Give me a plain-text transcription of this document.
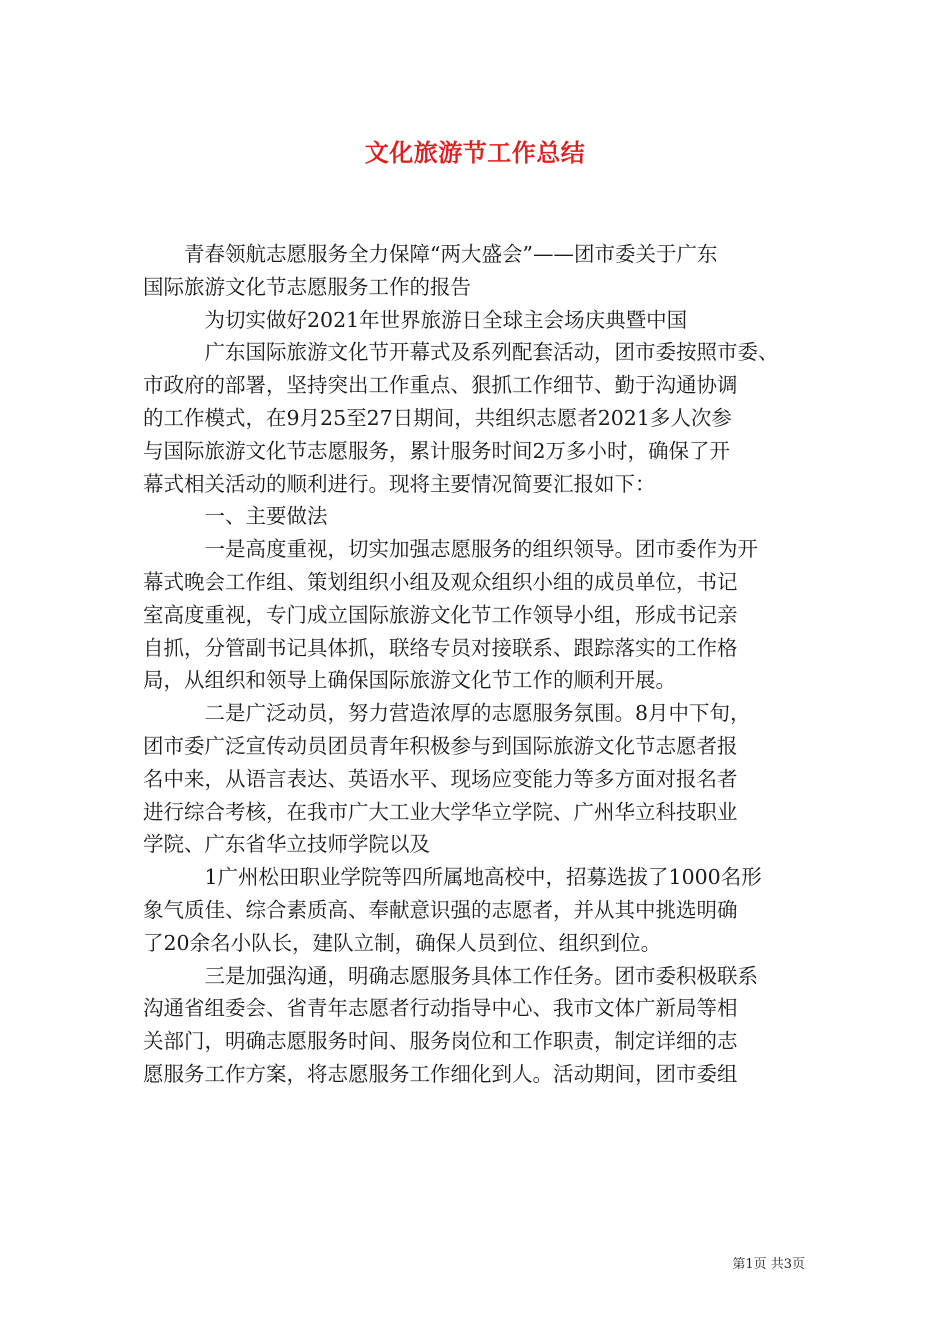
文化旅游节工作总结

青春领航志愿服务全力保障“两大盛会”——团市委关于广东
国际旅游文化节志愿服务工作的报告

为切实做好2021年世界旅游日全球主会场庆典暨中国

广东国际旅游文化节开幕式及系列配套活动，团市委按照市委、
市政府的部署，坚持突出工作重点、狠抓工作细节、勤于沟通协调
的工作模式，在9月25至27日期间，共组织志愿者2021多人次参
与国际旅游文化节志愿服务，累计服务时间2万多小时，确保了开
幕式相关活动的顺利进行。现将主要情况简要汇报如下：

一、主要做法

一是高度重视，切实加强志愿服务的组织领导。团市委作为开
幕式晚会工作组、策划组织小组及观众组织小组的成员单位，书记
室高度重视，专门成立国际旅游文化节工作领导小组，形成书记亲
自抓，分管副书记具体抓，联络专员对接联系、跟踪落实的工作格
局，从组织和领导上确保国际旅游文化节工作的顺利开展。

二是广泛动员，努力营造浓厚的志愿服务氛围。8月中下旬，
团市委广泛宣传动员团员青年积极参与到国际旅游文化节志愿者报
名中来，从语言表达、英语水平、现场应变能力等多方面对报名者
进行综合考核，在我市广大工业大学华立学院、广州华立科技职业
学院、广东省华立技师学院以及

1广州松田职业学院等四所属地高校中，招募选拔了1000名形
象气质佳、综合素质高、奉献意识强的志愿者，并从其中挑选明确
了20余名小队长，建队立制，确保人员到位、组织到位。

三是加强沟通，明确志愿服务具体工作任务。团市委积极联系
沟通省组委会、省青年志愿者行动指导中心、我市文体广新局等相
关部门，明确志愿服务时间、服务岗位和工作职责，制定详细的志
愿服务工作方案，将志愿服务工作细化到人。活动期间，团市委组

第1页 共3页
